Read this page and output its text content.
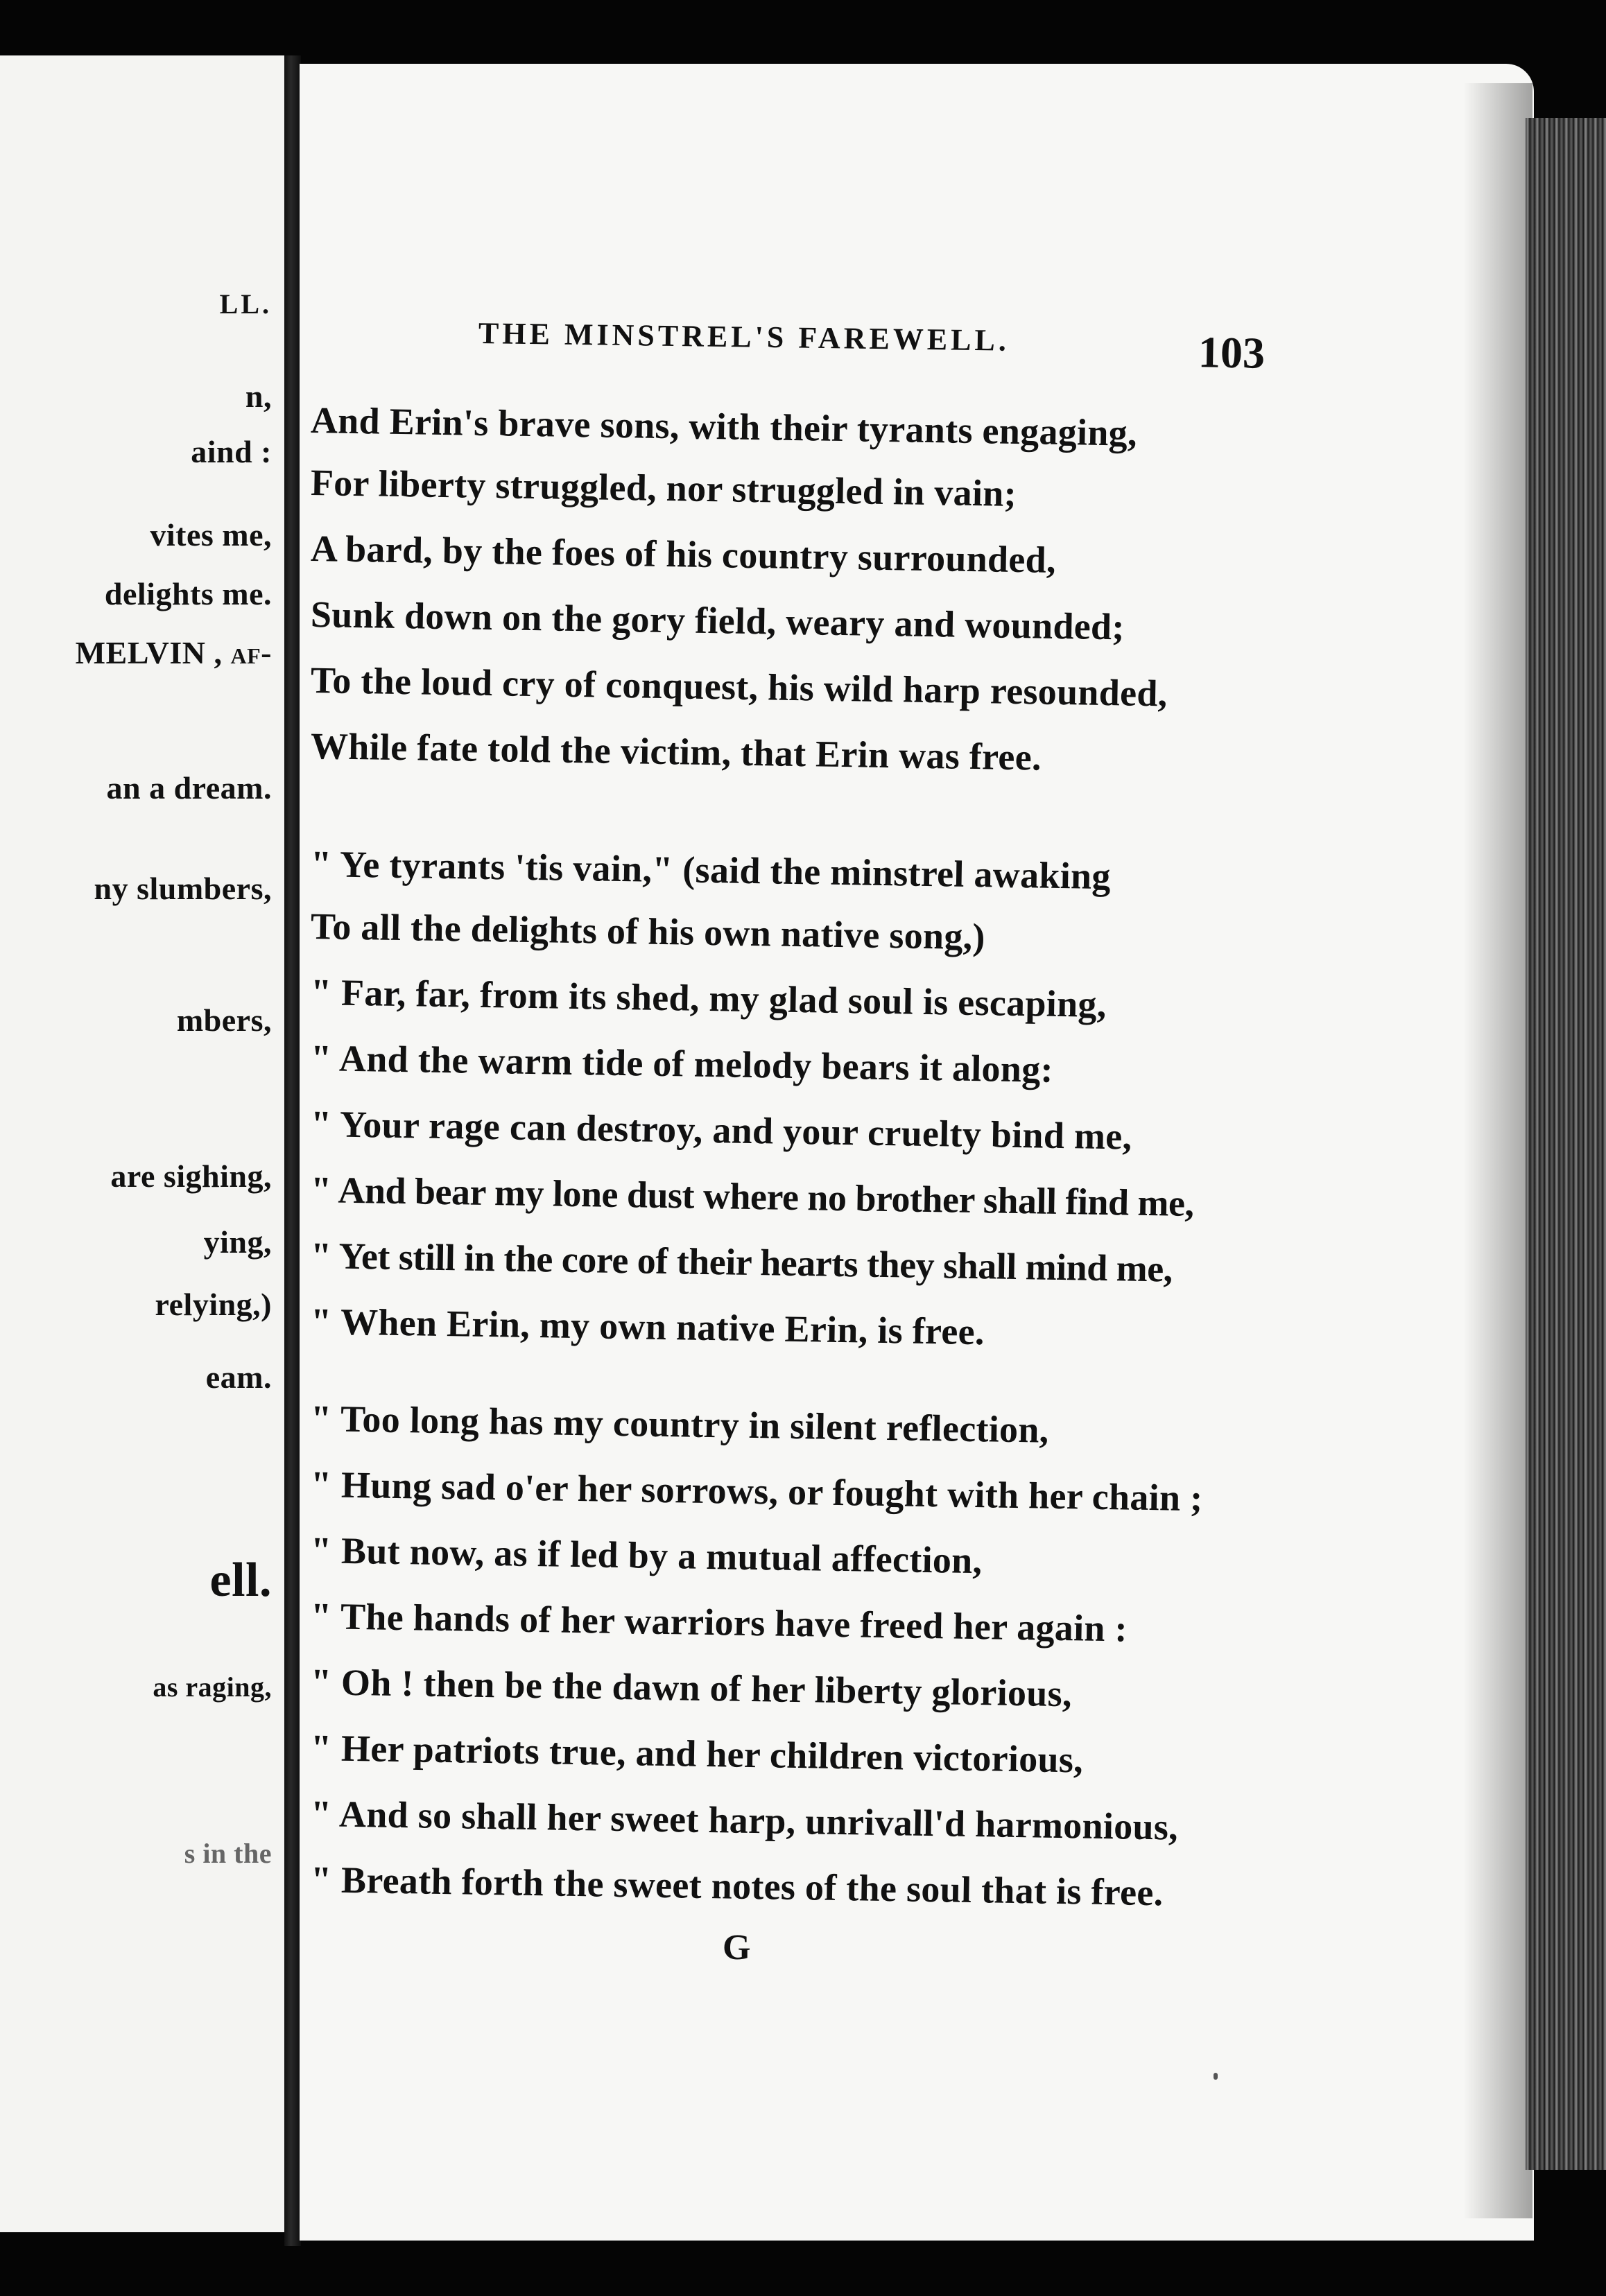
LL.
n,
aind :
vites me,
delights me.
MELVIN , af-
an a dream.
ny slumbers,
mbers,
are sighing,
ying,
relying,)
eam.
ell.
as raging,
s in the
THE MINSTREL'S FAREWELL.	103
And Erin's brave sons, with their tyrants engaging,
For liberty struggled, nor struggled in vain;
A bard, by the foes of his country surrounded,
Sunk down on the gory field, weary and wounded;
To the loud cry of conquest, his wild harp resounded,
While fate told the victim, that Erin was free.
" Ye tyrants 'tis vain," (said the minstrel awaking
To all the delights of his own native song,)
" Far, far, from its shed, my glad soul is escaping,
" And the warm tide of melody bears it along:
" Your rage can destroy, and your cruelty bind me,
" And bear my lone dust where no brother shall find me,
" Yet still in the core of their hearts they shall mind me,
" When Erin, my own native Erin, is free.
" Too long has my country in silent reflection,
" Hung sad o'er her sorrows, or fought with her chain ;
" But now, as if led by a mutual affection,
" The hands of her warriors have freed her again :
" Oh ! then be the dawn of her liberty glorious,
" Her patriots true, and her children victorious,
" And so shall her sweet harp, unrivall'd harmonious,
" Breath forth the sweet notes of the soul that is free.
G
